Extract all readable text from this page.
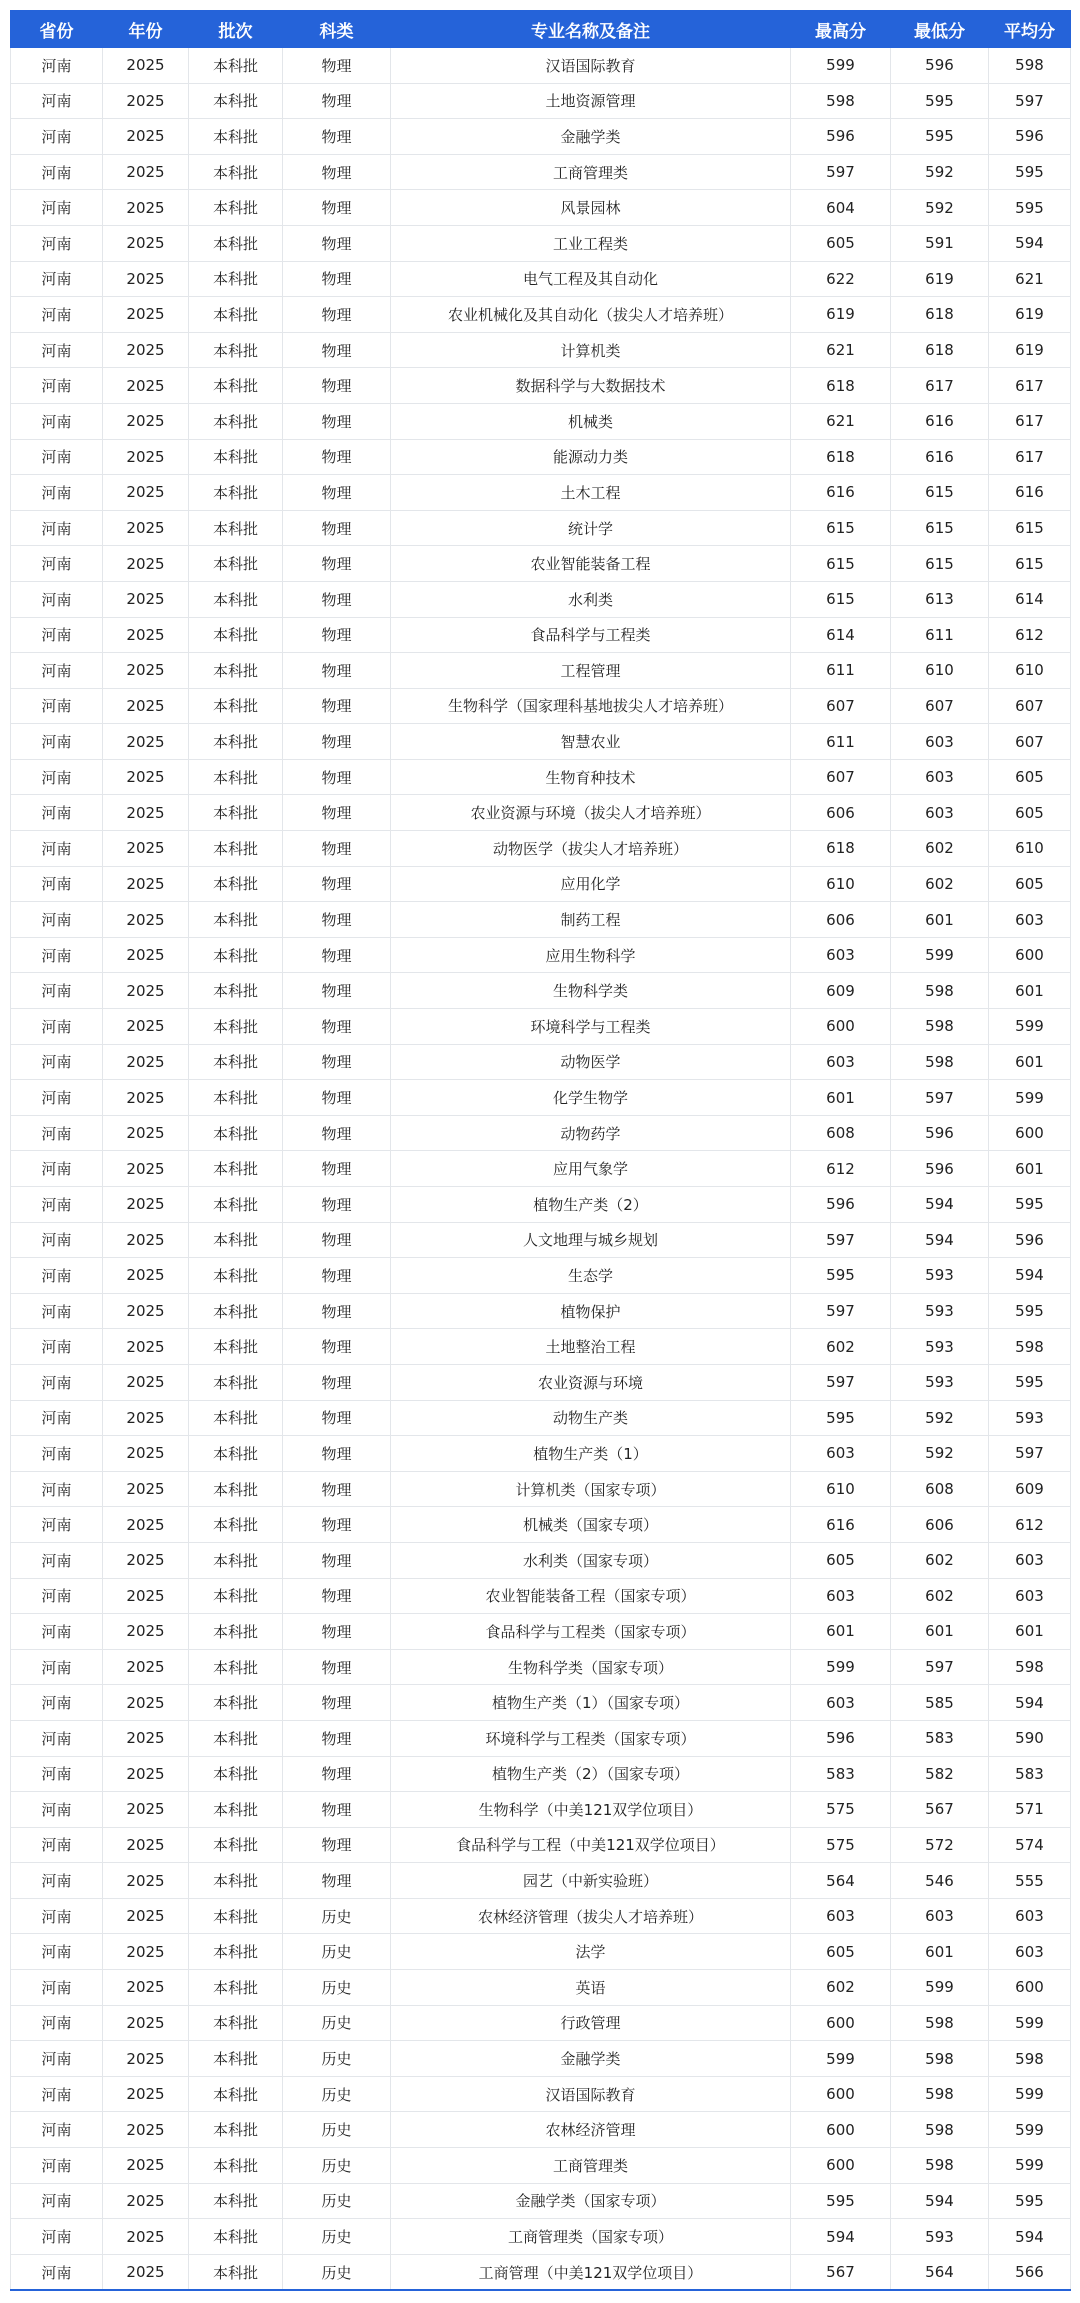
省份	年份	批次	科类	专业名称及备注	最高分	最低分	平均分
河南	2025	本科批	物理	汉语国际教育	599	596	598
河南	2025	本科批	物理	土地资源管理	598	595	597
河南	2025	本科批	物理	金融学类	596	595	596
河南	2025	本科批	物理	工商管理类	597	592	595
河南	2025	本科批	物理	风景园林	604	592	595
河南	2025	本科批	物理	工业工程类	605	591	594
河南	2025	本科批	物理	电气工程及其自动化	622	619	621
河南	2025	本科批	物理	农业机械化及其自动化（拔尖人才培养班）	619	618	619
河南	2025	本科批	物理	计算机类	621	618	619
河南	2025	本科批	物理	数据科学与大数据技术	618	617	617
河南	2025	本科批	物理	机械类	621	616	617
河南	2025	本科批	物理	能源动力类	618	616	617
河南	2025	本科批	物理	土木工程	616	615	616
河南	2025	本科批	物理	统计学	615	615	615
河南	2025	本科批	物理	农业智能装备工程	615	615	615
河南	2025	本科批	物理	水利类	615	613	614
河南	2025	本科批	物理	食品科学与工程类	614	611	612
河南	2025	本科批	物理	工程管理	611	610	610
河南	2025	本科批	物理	生物科学（国家理科基地拔尖人才培养班）	607	607	607
河南	2025	本科批	物理	智慧农业	611	603	607
河南	2025	本科批	物理	生物育种技术	607	603	605
河南	2025	本科批	物理	农业资源与环境（拔尖人才培养班）	606	603	605
河南	2025	本科批	物理	动物医学（拔尖人才培养班）	618	602	610
河南	2025	本科批	物理	应用化学	610	602	605
河南	2025	本科批	物理	制药工程	606	601	603
河南	2025	本科批	物理	应用生物科学	603	599	600
河南	2025	本科批	物理	生物科学类	609	598	601
河南	2025	本科批	物理	环境科学与工程类	600	598	599
河南	2025	本科批	物理	动物医学	603	598	601
河南	2025	本科批	物理	化学生物学	601	597	599
河南	2025	本科批	物理	动物药学	608	596	600
河南	2025	本科批	物理	应用气象学	612	596	601
河南	2025	本科批	物理	植物生产类（2）	596	594	595
河南	2025	本科批	物理	人文地理与城乡规划	597	594	596
河南	2025	本科批	物理	生态学	595	593	594
河南	2025	本科批	物理	植物保护	597	593	595
河南	2025	本科批	物理	土地整治工程	602	593	598
河南	2025	本科批	物理	农业资源与环境	597	593	595
河南	2025	本科批	物理	动物生产类	595	592	593
河南	2025	本科批	物理	植物生产类（1）	603	592	597
河南	2025	本科批	物理	计算机类（国家专项）	610	608	609
河南	2025	本科批	物理	机械类（国家专项）	616	606	612
河南	2025	本科批	物理	水利类（国家专项）	605	602	603
河南	2025	本科批	物理	农业智能装备工程（国家专项）	603	602	603
河南	2025	本科批	物理	食品科学与工程类（国家专项）	601	601	601
河南	2025	本科批	物理	生物科学类（国家专项）	599	597	598
河南	2025	本科批	物理	植物生产类（1）（国家专项）	603	585	594
河南	2025	本科批	物理	环境科学与工程类（国家专项）	596	583	590
河南	2025	本科批	物理	植物生产类（2）（国家专项）	583	582	583
河南	2025	本科批	物理	生物科学（中美121双学位项目）	575	567	571
河南	2025	本科批	物理	食品科学与工程（中美121双学位项目）	575	572	574
河南	2025	本科批	物理	园艺（中新实验班）	564	546	555
河南	2025	本科批	历史	农林经济管理（拔尖人才培养班）	603	603	603
河南	2025	本科批	历史	法学	605	601	603
河南	2025	本科批	历史	英语	602	599	600
河南	2025	本科批	历史	行政管理	600	598	599
河南	2025	本科批	历史	金融学类	599	598	598
河南	2025	本科批	历史	汉语国际教育	600	598	599
河南	2025	本科批	历史	农林经济管理	600	598	599
河南	2025	本科批	历史	工商管理类	600	598	599
河南	2025	本科批	历史	金融学类（国家专项）	595	594	595
河南	2025	本科批	历史	工商管理类（国家专项）	594	593	594
河南	2025	本科批	历史	工商管理（中美121双学位项目）	567	564	566
